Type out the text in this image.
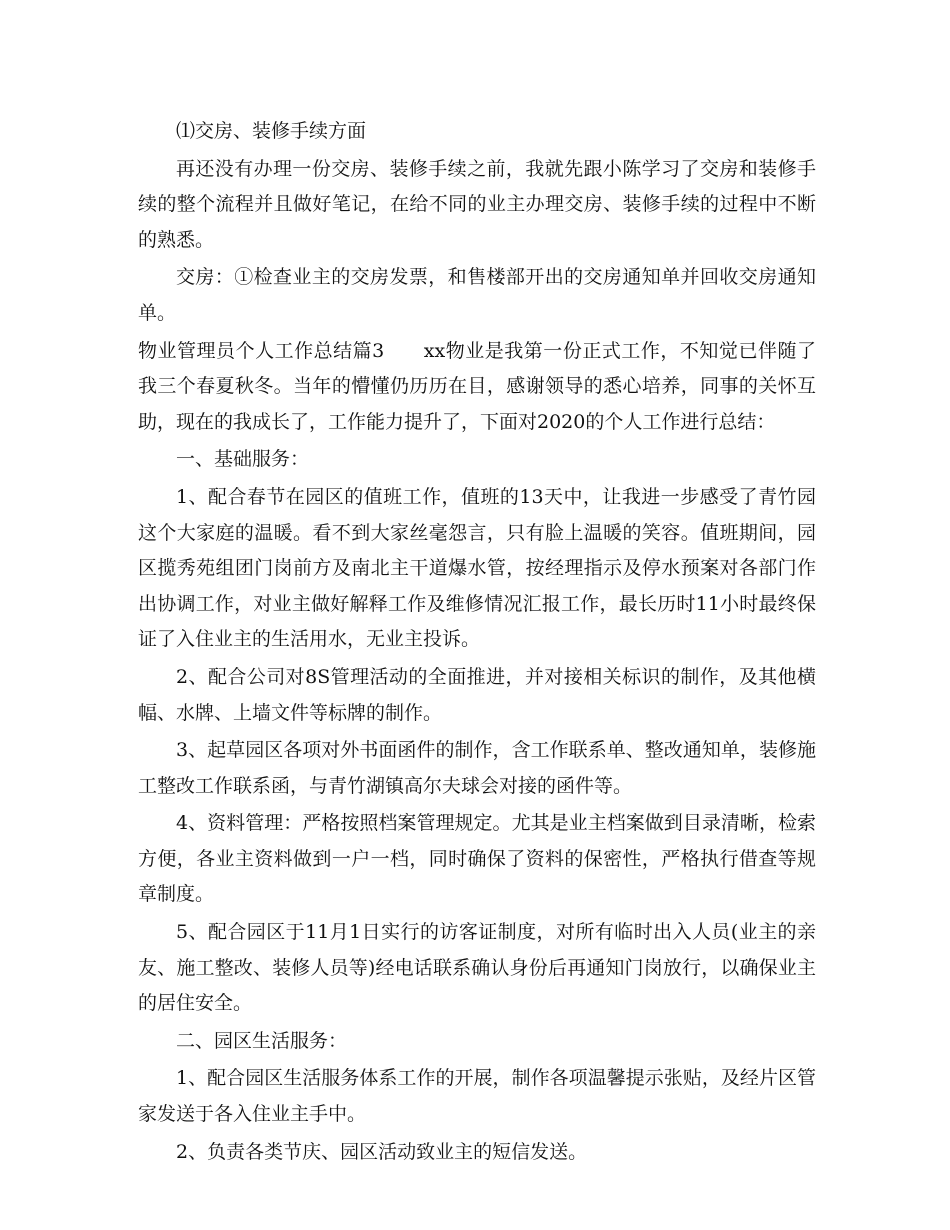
⑴交房、装修手续方面

再还没有办理一份交房、装修手续之前，我就先跟小陈学习了交房和装修手续的整个流程并且做好笔记，在给不同的业主办理交房、装修手续的过程中不断的熟悉。

交房：①检查业主的交房发票，和售楼部开出的交房通知单并回收交房通知单。

物业管理员个人工作总结篇3　　xx物业是我第一份正式工作，不知觉已伴随了我三个春夏秋冬。当年的懵懂仍历历在目，感谢领导的悉心培养，同事的关怀互助，现在的我成长了，工作能力提升了，下面对2020的个人工作进行总结：

一、基础服务：

1、配合春节在园区的值班工作，值班的13天中，让我进一步感受了青竹园这个大家庭的温暖。看不到大家丝毫怨言，只有脸上温暖的笑容。值班期间，园区揽秀苑组团门岗前方及南北主干道爆水管，按经理指示及停水预案对各部门作出协调工作，对业主做好解释工作及维修情况汇报工作，最长历时11小时最终保证了入住业主的生活用水，无业主投诉。

2、配合公司对8S管理活动的全面推进，并对接相关标识的制作，及其他横幅、水牌、上墙文件等标牌的制作。

3、起草园区各项对外书面函件的制作，含工作联系单、整改通知单，装修施工整改工作联系函，与青竹湖镇高尔夫球会对接的函件等。

4、资料管理：严格按照档案管理规定。尤其是业主档案做到目录清晰，检索方便，各业主资料做到一户一档，同时确保了资料的保密性，严格执行借查等规章制度。

5、配合园区于11月1日实行的访客证制度，对所有临时出入人员(业主的亲友、施工整改、装修人员等)经电话联系确认身份后再通知门岗放行，以确保业主的居住安全。

二、园区生活服务：

1、配合园区生活服务体系工作的开展，制作各项温馨提示张贴，及经片区管家发送于各入住业主手中。

2、负责各类节庆、园区活动致业主的短信发送。
